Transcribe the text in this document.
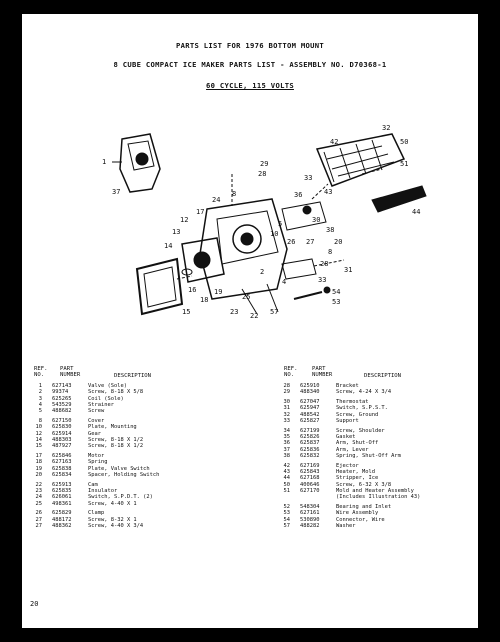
PARTS LIST FOR 1976 BOTTOM MOUNT
8 CUBE COMPACT ICE MAKER PARTS LIST - ASSEMBLY NO. D70368-1
60 CYCLE, 115 VOLTS
1
37
32
50
51
44
43
42
29
28	33
36
30
38
8
28
31
20
33
54
53
57
22
25
2
24
8
17
12
13
14
16
18
19
23
15
26 27
4
5
10
REF.
NO.
PART
NUMBER	DESCRIPTION
REF.
NO.
PART
NUMBER	DESCRIPTION
1 627143	Valve (Sole)
2 99374	Screw, 8-18 X 5/8
3 625265	Coil (Sole)
4 543529	Strainer
5 488682	Screw
8 627150	Cover
10 625830	Plate, Mounting
12 625914	Gear
14 488303	Screw, 8-18 X 1/2
15 487927	Screw, 8-18 X 1/2
17 625846	Motor
18 627163	Spring
19 625838	Plate, Valve Switch
20 625834	Spacer, Holding Switch
22 625913	Cam
23 625835	Insulator
24 626061	Switch, S.P.D.T. (2)
25 498361	Screw, 4-40 X 1
26 625829	Clamp
27 488172	Screw, 8-32 X 1
27 488362	Screw, 4-40 X 3/4
28 625910	Bracket
29 488340	Screw, 4-24 X 3/4
30 627047	Thermostat
31 625947	Switch, S.P.S.T.
32 488542	Screw, Ground
33 625827	Support
34 627199	Screw, Shoulder
35 625826	Gasket
36 625837	Arm, Shut-Off
37 625836	Arm, Lever
38 625832	Spring, Shut-Off Arm
42 627169	Ejector
43 625843	Heater, Mold
44 627168	Stripper, Ice
50 400646	Screw, 6-32 X 3/8
51 627170	Mold and Heater Assembly
(Includes Illustration 43)
52 548304	Bearing and Inlet
53 627161	Wire Assembly
54 530890	Connector, Wire
57 488282	Washer
20
